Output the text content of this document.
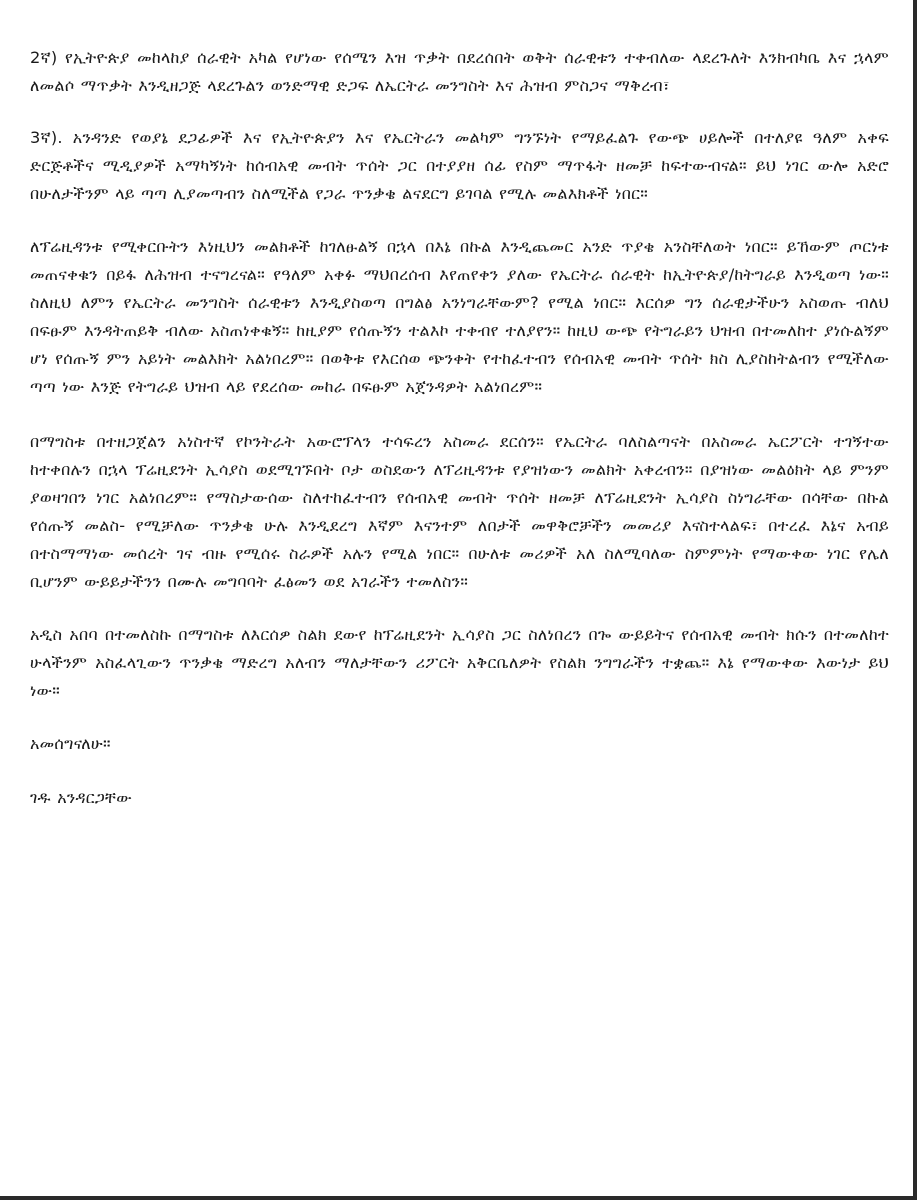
2ኛ) የኢትዮጵያ መከላከያ ሰራዊት አካል የሆነው የሰሜን እዝ ጥቃት በደረሰበት ወቅት ሰራዊቱን ተቀብለው ላደረጉለት እንክብካቤ እና ኋላም ለመልሶ ማጥቃት እንዲዘጋጅ ላደረጉልን ወንድማዊ ድጋፍ ለኤርትራ መንግስት እና ሕዝብ ምስጋና ማቅረብ፣

3ኛ). አንዳንድ የወያኔ ደጋፊዎች እና የኢትዮጵያን እና የኤርትራን መልካም ግንኙነት የማይፈልጉ የውጭ ሀይሎች በተለያዩ ዓለም አቀፍ ድርጅቶችና ሚዲያዎች አማካኝነት ከሰብአዊ መብት ጥሰት ጋር በተያያዘ ሰፊ የስም ማጥፋት ዘመቻ ከፍተውብናል። ይህ ነገር ውሎ አድሮ በሁለታችንም ላይ ጣጣ ሊያመጣብን ስለሚችል የጋራ ጥንቃቄ ልናደርግ ይገባል የሚሉ መልእክቶች ነበር።

ለፕሬዚዳንቱ የሚቀርቡትን እነዚህን መልክቶች ከገለፁልኝ በኋላ በእኔ በኩል እንዲጨመር አንድ ጥያቄ አንስቸለወት ነበር። ይኸውም ጦርነቱ መጠናቀቁን በይፋ ለሕዝብ ተናግረናል። የዓለም አቀፉ ማህበረሰብ እየጠየቀን ያለው የኤርትራ ሰራዊት ከኢትዮጵያ/ከትግራይ እንዲወጣ ነው። ስለዚህ ለምን የኤርትራ መንግስት ሰራዊቱን እንዲያስወጣ በግልፅ አንነግራቸውም? የሚል ነበር። እርሰዎ ግን ሰራዊታችሁን አስወጡ ብለህ በፍፁም እንዳትጠይቅ ብለው አስጠነቀቁኝ። ከዚያም የሰጡኝን ተልእኮ ተቀብየ ተለያየን። ከዚህ ውጭ የትግራይን ህዝብ በተመለከተ ያነሱልኝም ሆነ የሰጡኝ ምን አይነት መልእክት አልነበረም። በወቅቱ የእርሰወ ጭንቀት የተከፈተብን የሰብአዊ መብት ጥሰት ክስ ሊያስከትልብን የሚችለው ጣጣ ነው እንጅ የትግራይ ህዝብ ላይ የደረሰው መከራ በፍፁም አጀንዳዎት አልነበረም።

በማግስቱ በተዘጋጀልን አነስተኛ የኮንትራት አውሮፕላን ተሳፍረን አስመራ ደርሰን። የኤርትራ ባለስልጣናት በአስመራ ኤርፖርት ተገኝተው ከተቀበሉን በኋላ ፕሬዚደንት ኢሳያስ ወደሚገኙበት ቦታ ወስደውን ለፕሪዚዳንቱ የያዝነውን መልክት አቀረብን። በያዝነው መልዕክት ላይ ምንም ያወዛገበን ነገር አልነበረም። የማስታውሰው ስለተከፈተብን የሰብአዊ መብት ጥሰት ዘመቻ ለፕሬዚደንት ኢሳያስ ስነግራቸው በሳቸው በኩል የሰጡኝ መልስ- የሚቻለው ጥንቃቄ ሁሉ እንዲደረግ እኛም እናንተም ለበታች መዋቅሮቻችን መመሪያ እናስተላልፍ፣ በተረፈ እኔና አብይ በተስማማነው መሰረት ገና ብዙ የሚሰሩ ስራዎች አሉን የሚል ነበር። በሁለቱ መሪዎች አለ ስለሚባለው ስምምነት የማውቀው ነገር የሌለ ቢሆንም ውይይታችንን በሙሉ መግባባት ፈፅመን ወደ አገራችን ተመለስን።

አዲስ አበባ በተመለስኩ በማግስቱ ለእርሰዎ ስልክ ደውየ ከፕሬዚደንት ኢሳያስ ጋር ስለነበረን በጐ ውይይትና የሰብአዊ መብት ክሱን በተመለከተ ሁላችንም አስፈላጊውን ጥንቃቄ ማድረግ አለብን ማለታቸውን ሪፖርት አቅርቤለዎት የስልክ ንግግራችን ተቋጨ። እኔ የማውቀው እውነታ ይህ ነው።

አመሰግናለሁ።

ገዱ አንዳርጋቸው
